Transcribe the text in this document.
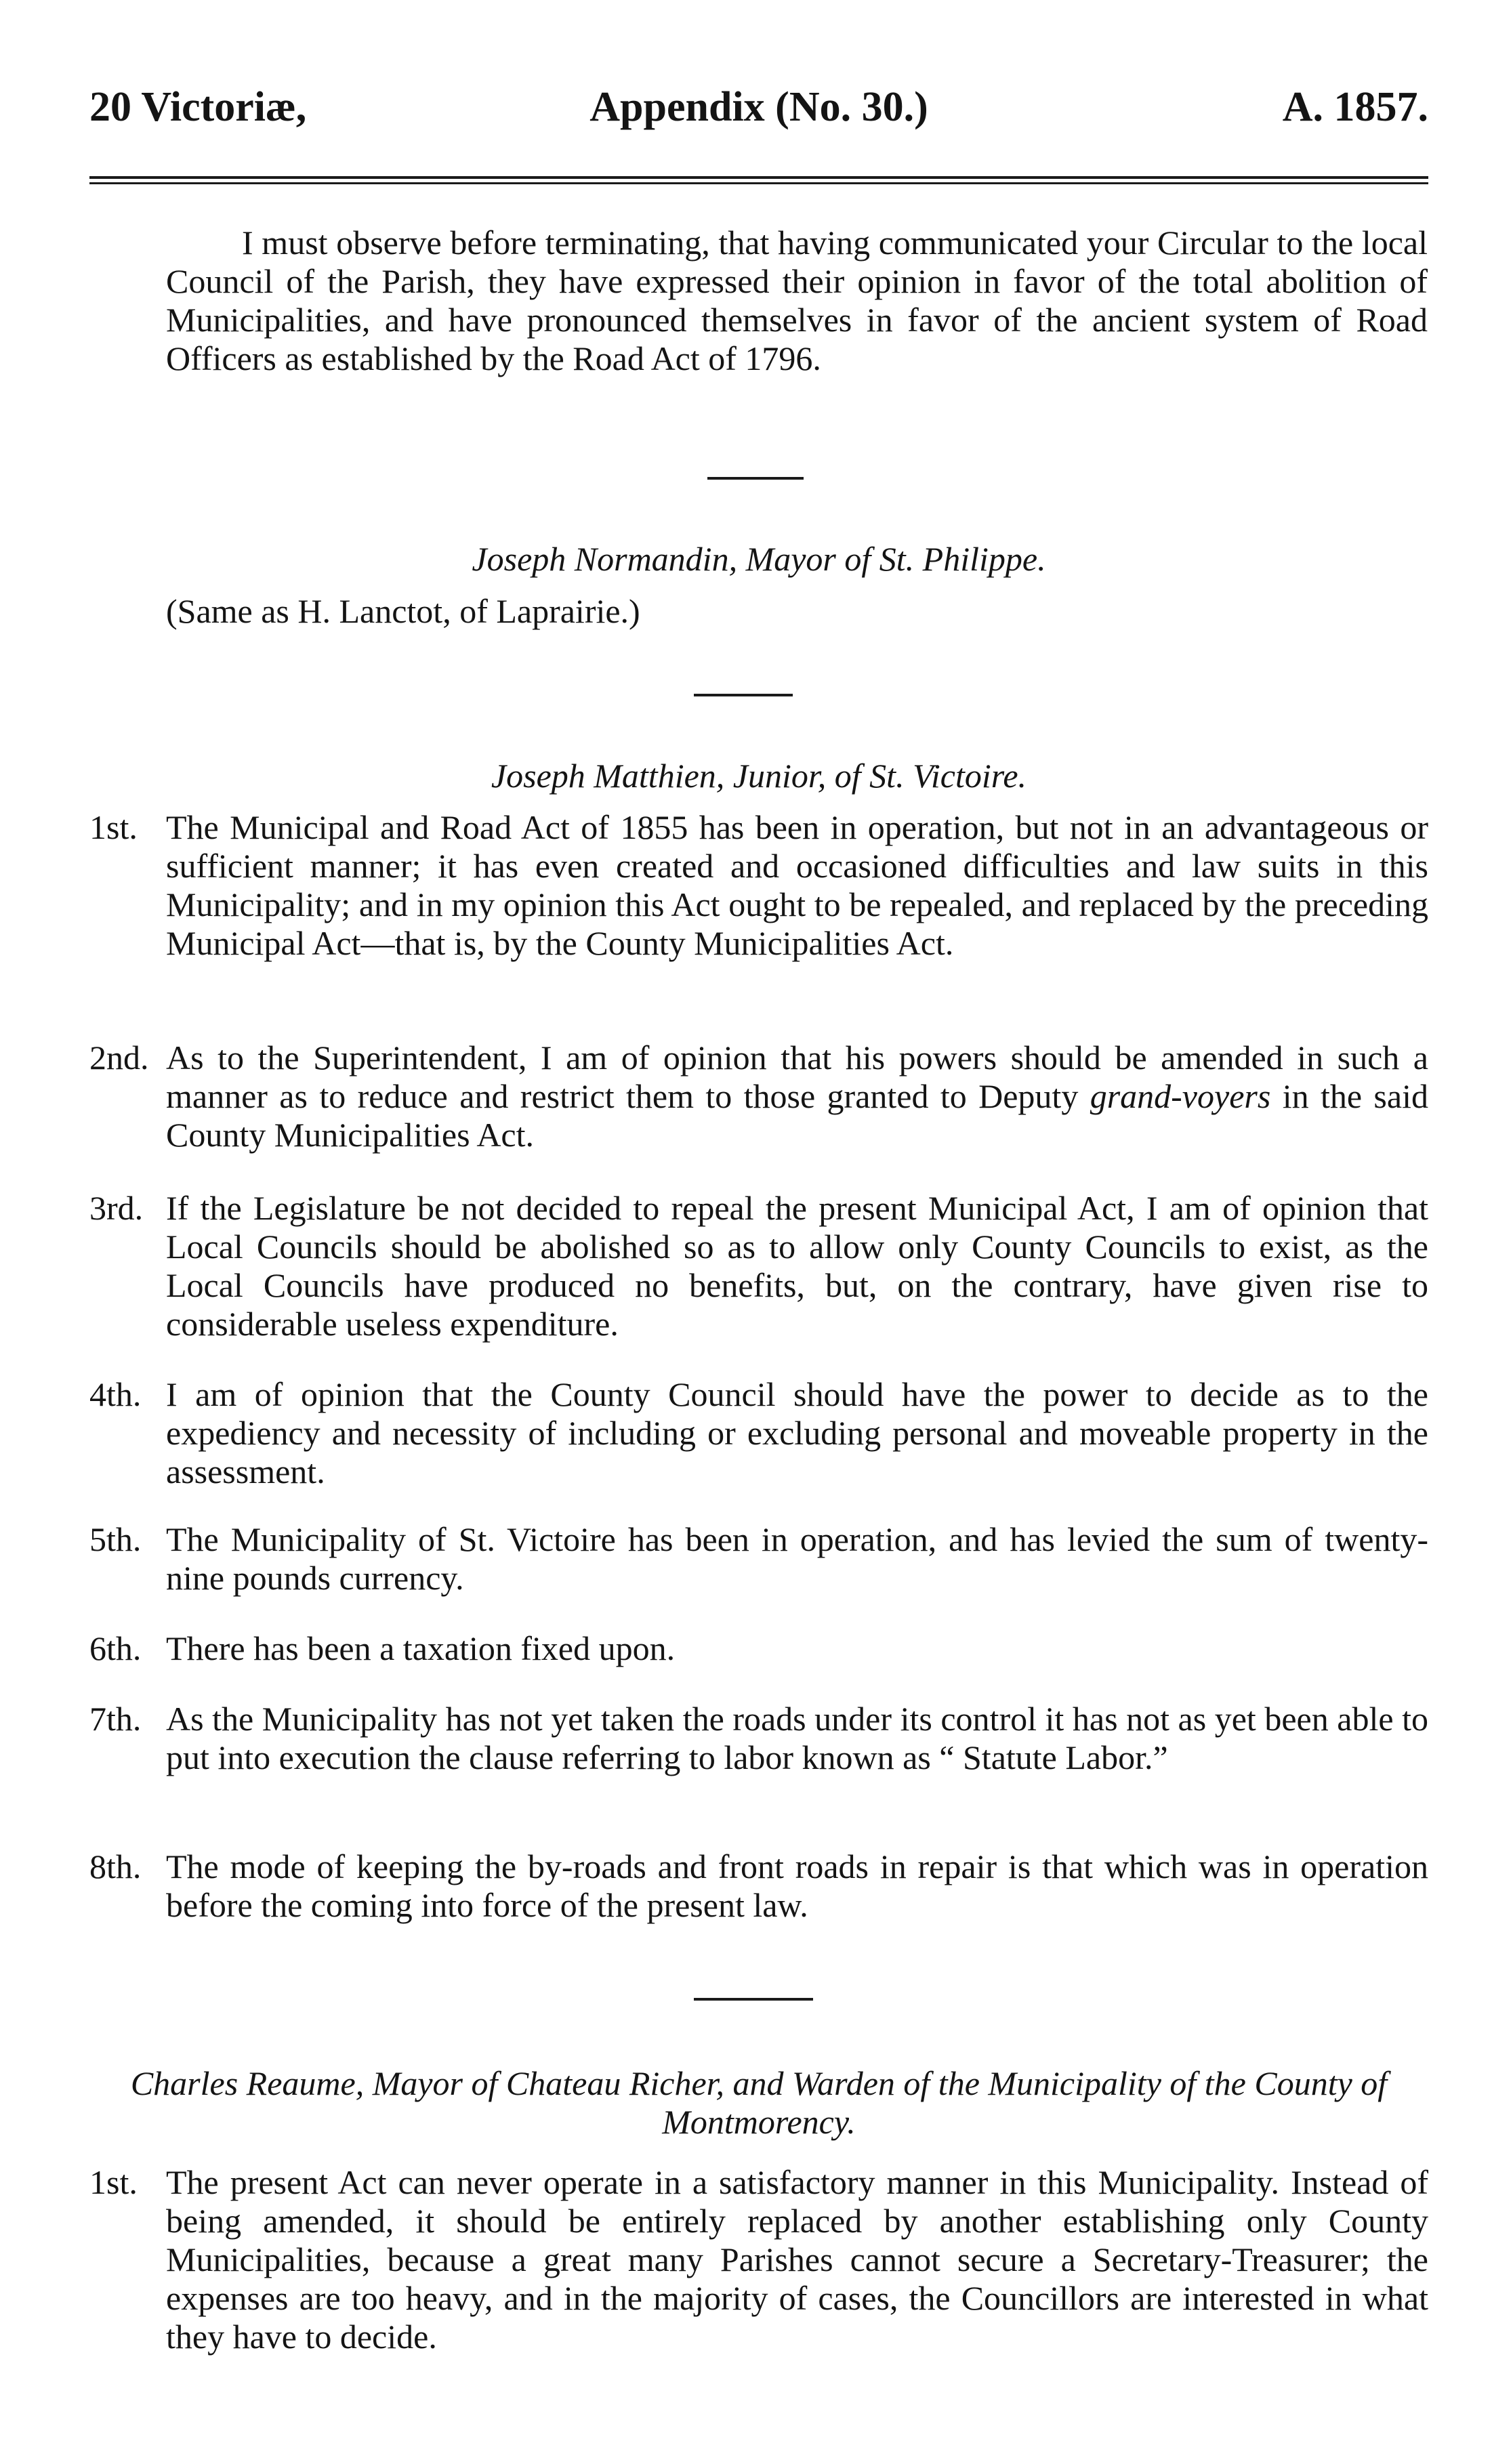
20 Victoriæ,	Appendix (No. 30.)	A. 1857.
I must observe before terminating, that having communicated your Circular to the local Council of the Parish, they have expressed their opinion in favor of the total abolition of Municipalities, and have pronounced themselves in favor of the ancient system of Road Officers as established by the Road Act of 1796.
Joseph Normandin, Mayor of St. Philippe.
(Same as H. Lanctot, of Laprairie.)
Joseph Matthien, Junior, of St. Victoire.
1st. The Municipal and Road Act of 1855 has been in operation, but not in an advantageous or sufficient manner; it has even created and occasioned difficulties and law suits in this Municipality; and in my opinion this Act ought to be repealed, and replaced by the preceding Municipal Act—that is, by the County Municipalities Act.
2nd. As to the Superintendent, I am of opinion that his powers should be amended in such a manner as to reduce and restrict them to those granted to Deputy grand-voyers in the said County Municipalities Act.
3rd. If the Legislature be not decided to repeal the present Municipal Act, I am of opinion that Local Councils should be abolished so as to allow only County Councils to exist, as the Local Councils have produced no benefits, but, on the contrary, have given rise to considerable useless expenditure.
4th. I am of opinion that the County Council should have the power to decide as to the expediency and necessity of including or excluding personal and moveable property in the assessment.
5th. The Municipality of St. Victoire has been in operation, and has levied the sum of twenty-nine pounds currency.
6th. There has been a taxation fixed upon.
7th. As the Municipality has not yet taken the roads under its control it has not as yet been able to put into execution the clause referring to labor known as “ Statute Labor.”
8th. The mode of keeping the by-roads and front roads in repair is that which was in operation before the coming into force of the present law.
Charles Reaume, Mayor of Chateau Richer, and Warden of the Municipality of the County of Montmorency.
1st. The present Act can never operate in a satisfactory manner in this Municipality. Instead of being amended, it should be entirely replaced by another establishing only County Municipalities, because a great many Parishes cannot secure a Secretary-Treasurer; the expenses are too heavy, and in the majority of cases, the Councillors are interested in what they have to decide.
